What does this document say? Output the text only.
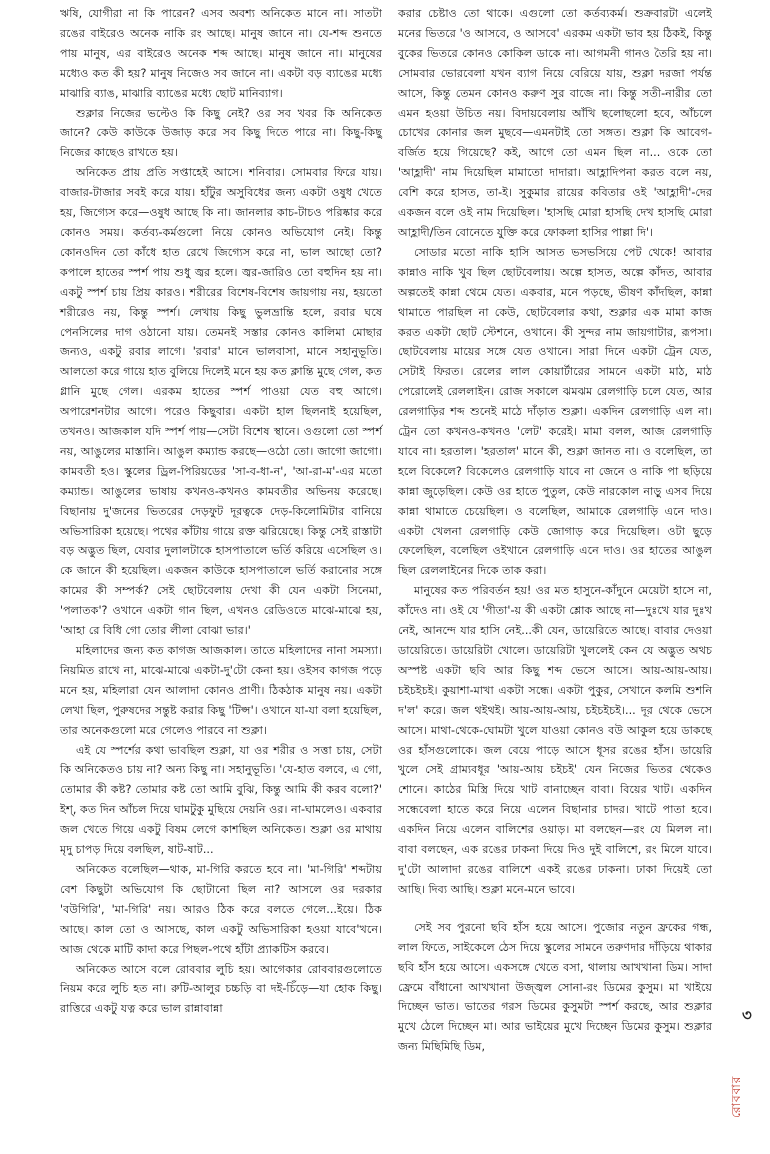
ঋষি, যোগীরা না কি পারেন? এসব অবশ্য অনিকেত মানে না। সাতটা রঙের বাইরেও অনেক নাকি রং আছে। মানুষ জানে না। যে-শব্দ শুনতে পায় মানুষ, এর বাইরেও অনেক শব্দ আছে। মানুষ জানে না। মানুষের মধ্যেও কত কী হয়? মানুষ নিজেও সব জানে না। একটা বড় ব্যাঙের মধ্যে মাঝারি ব্যাঙ, মাঝারি ব্যাঙের মধ্যে ছোট মানিব্যাগ।

শুক্লার নিজের ভল্টেও কি কিছু নেই? ওর সব খবর কি অনিকেত জানে? কেউ কাউকে উজাড় করে সব কিছু দিতে পারে না। কিছু-কিছু নিজের কাছেও রাখতে হয়।

অনিকেত প্রায় প্রতি সপ্তাহেই আসে। শনিবার। সোমবার ফিরে যায়। বাজার-টাজার সবই করে যায়। হাঁটুর অসুবিধের জন্য একটা ওষুধ খেতে হয়, জিগ্যেস করে—ওষুধ আছে কি না। জানলার কাচ-টাচও পরিষ্কার করে কোনও সময়। কর্তব্য-কর্মগুলো নিয়ে কোনও অভিযোগ নেই। কিন্তু কোনওদিন তো কাঁধে হাত রেখে জিগ্যেস করে না, ভাল আছো তো? কপালে হাতের স্পর্শ পায় শুধু জ্বর হলে। জ্বর-জারিও তো বহুদিন হয় না। একটু স্পর্শ চায় প্রিয় কারও। শরীরের বিশেষ-বিশেষ জায়গায় নয়, হয়তো শরীরেও নয়, কিন্তু স্পর্শ। লেখায় কিছু ভুলভ্রান্তি হলে, রবার ঘষে পেনসিলের দাগ ওঠানো যায়। তেমনই সস্তার কোনও কালিমা মোছার জন্যও, একটু রবার লাগে। 'রবার' মানে ভালবাসা, মানে সহানুভূতি। আলতো করে গায়ে হাত বুলিয়ে দিলেই মনে হয় কত ক্লান্তি মুছে গেল, কত গ্লানি মুছে গেল। এরকম হাতের স্পর্শ পাওয়া যেত বহু আগে। অপারেশনটার আগে। পরেও কিছুবার। একটা হাল ছিলনাই হয়েছিল, তখনও। আজকাল যদি স্পর্শ পায়—সেটা বিশেষ স্থানে। ওগুলো তো স্পর্শ নয়, আঙুলের মাস্তানি। আঙুল কম্যান্ড করছে—ওঠো তো। জাগো জাগো। কামবতী হও। স্কুলের ড্রিল-পিরিয়ডের 'সা-ব-ধা-ন', 'আ-রা-ম'-এর মতো কম্যান্ড। আঙুলের ভাষায় কখনও-কখনও কামবতীর অভিনয় করেছে। বিছানায় দু'জনের ভিতরের দেড়ফুট দূরত্বকে দেড়-কিলোমিটার বানিয়ে অভিসারিকা হয়েছে। পথের কাঁটায় গায়ে রক্ত ঝরিয়েছে। কিন্তু সেই রাস্তাটা বড় অদ্ভুত ছিল, যেবার দুলালটাকে হাসপাতালে ভর্তি করিয়ে এসেছিল ও। কে জানে কী হয়েছিল। একজন কাউকে হাসপাতালে ভর্তি করানোর সঙ্গে কামের কী সম্পর্ক? সেই ছোটবেলায় দেখা কী যেন একটা সিনেমা, 'পলাতক'? ওখানে একটা গান ছিল, এখনও রেডিওতে মাঝে-মাঝে হয়, 'আহা রে বিধি গো তোর লীলা বোঝা ভার।'

মহিলাদের জন্য কত কাগজ আজকাল। তাতে মহিলাদের নানা সমস্যা। নিয়মিত রাখে না, মাঝে-মাঝে একটা-দু'টো কেনা হয়। ওইসব কাগজ পড়ে মনে হয়, মহিলারা যেন আলাদা কোনও প্রাণী। ঠিকঠাক মানুষ নয়। একটা লেখা ছিল, পুরুষদের সন্তুষ্ট করার কিছু 'টিপ্স'। ওখানে যা-যা বলা হয়েছিল, তার অনেকগুলো মরে গেলেও পারবে না শুক্লা।

এই যে স্পর্শের কথা ভাবছিল শুক্লা, যা ওর শরীর ও সত্তা চায়, সেটা কি অনিকেতও চায় না? অন্য কিছু না। সহানুভূতি। 'যে-হাত বলবে, এ গো, তোমার কী কষ্ট? তোমার কষ্ট তো আমি বুঝি, কিন্তু আমি কী করব বলো?' ইশ্, কত দিন আঁচল দিয়ে ঘামটুকু মুছিয়ে দেয়নি ওর। না-ঘামলেও। একবার জল খেতে গিয়ে একটু বিষম লেগে কাশছিল অনিকেত। শুক্লা ওর মাথায় মৃদু চাপড় দিয়ে বলছিল, ষাট-ষাট...

অনিকেত বলেছিল—থাক, মা-গিরি করতে হবে না। 'মা-গিরি' শব্দটায় বেশ কিছুটা অভিযোগ কি ছোটানো ছিল না? আসলে ওর দরকার 'বউগিরি', 'মা-গিরি' নয়। আরও ঠিক করে বলতে গেলে...ইয়ে। ঠিক আছে। কাল তো ও আসছে, কাল একটু অভিসারিকা হওয়া যাবে'খনে। আজ থেকে মাটি কাদা করে পিছল-পথে হাঁটা প্র্যাকটিস করবে।

অনিকেত আসে বলে রোববার লুচি হয়। আগেকার রোববারগুলোতে নিয়ম করে লুচি হত না। রুটি-আলুর চচ্চড়ি বা দই-চিঁড়ে—যা হোক কিছু। রাত্তিরে একটু যত্ন করে ভাল রান্নাবান্না

করার চেষ্টাও তো থাকে। এগুলো তো কর্তব্যকর্ম। শুক্রবারটা এলেই মনের ভিতরে 'ও আসবে, ও আসবে' এরকম একটা ভাব হয় ঠিকই, কিন্তু বুকের ভিতরে কোনও কোকিল ডাকে না। আগমনী গানও তৈরি হয় না। সোমবার ভোরবেলা যখন ব্যাগ নিয়ে বেরিয়ে যায়, শুক্লা দরজা পর্যন্ত আসে, কিন্তু তেমন কোনও করুণ সুর বাজে না। কিন্তু সতী-নারীর তো এমন হওয়া উচিত নয়। বিদায়বেলায় আঁখি ছলোছলো হবে, আঁচলে চোখের কোনার জল মুছবে—এমনটাই তো সঙ্গত। শুক্লা কি আবেগ-বর্জিত হয়ে গিয়েছে? কই, আগে তো এমন ছিল না... ওকে তো 'আহ্লাদী' নাম দিয়েছিল মামাতো দাদারা। আহ্লাদিপনা করত বলে নয়, বেশি করে হাসত, তা-ই। সুকুমার রায়ের কবিতার ওই 'আহ্লাদী'-দের একজন বলে ওই নাম দিয়েছিল। 'হাসছি মোরা হাসছি দেখ হাসছি মোরা আহ্লাদী/তিন বোনেতে যুক্তি করে ফোকলা হাসির পাল্লা দি'।

সোডার মতো নাকি হাসি আসত ভসভসিয়ে পেট থেকে! আবার কান্নাও নাকি খুব ছিল ছোটবেলায়। অল্পে হাসত, অল্পে কাঁদত, আবার অল্পতেই কান্না থেমে যেত। একবার, মনে পড়ছে, ভীষণ কাঁদছিল, কান্না থামাতে পারছিল না কেউ, ছোটবেলার কথা, শুক্লার এক মামা কাজ করত একটা ছোট স্টেশনে, ওখানে। কী সুন্দর নাম জায়গাটার, রূপসা। ছোটবেলায় মায়ের সঙ্গে যেত ওখানে। সারা দিনে একটা ট্রেন যেত, সেটাই ফিরত। রেলের লাল কোয়ার্টারের সামনে একটা মাঠ, মাঠ পেরোলেই রেললাইন। রোজ সকালে ঝমঝম রেলগাড়ি চলে যেত, আর রেলগাড়ির শব্দ শুনেই মাঠে দাঁড়াত শুক্লা। একদিন রেলগাড়ি এল না। ট্রেন তো কখনও-কখনও 'লেট' করেই। মামা বলল, আজ রেলগাড়ি যাবে না। হরতাল। 'হরতাল' মানে কী, শুক্লা জানত না। ও বলেছিল, তা হলে বিকেলে? বিকেলেও রেলগাড়ি যাবে না জেনে ও নাকি পা ছড়িয়ে কান্না জুড়েছিল। কেউ ওর হাতে পুতুল, কেউ নারকোল নাড়ু এসব দিয়ে কান্না থামাতে চেয়েছিল। ও বলেছিল, আমাকে রেলগাড়ি এনে দাও। একটা খেলনা রেলগাড়ি কেউ জোগাড় করে দিয়েছিল। ওটা ছুড়ে ফেলেছিল, বলেছিল ওইখানে রেলগাড়ি এনে দাও। ওর হাতের আঙুল ছিল রেললাইনের দিকে তাক করা।

মানুষের কত পরিবর্তন হয়! ওর মত হাসুনে-কাঁদুনে মেয়েটা হাসে না, কাঁদেও না। ওই যে 'গীতা'-য় কী একটা শ্লোক আছে না—দুঃখে যার দুঃখ নেই, আনন্দে যার হাসি নেই...কী যেন, ডায়েরিতে আছে। বাবার দেওয়া ডায়েরিতে। ডায়েরিটা খোলে। ডায়েরিটা খুললেই কেন যে অদ্ভুত অথচ অস্পষ্ট একটা ছবি আর কিছু শব্দ ভেসে আসে। আয়-আয়-আয়। চইচইচই। কুয়াশা-মাখা একটা সন্ধে। একটা পুকুর, সেখানে কলমি শুশনি দ'ল' করে। জল থইথই। আয়-আয়-আয়, চইচইচই।... দূর থেকে ভেসে আসে। মাথা-থেকে-ঘোমটা খুলে যাওয়া কোনও বউ আকুল হয়ে ডাকছে ওর হাঁসগুলোকে। জল বেয়ে পাড়ে আসে ধূসর রঙের হাঁস। ডায়েরি খুলে সেই গ্রাম্যবধূর 'আয়-আয় চইচই' যেন নিজের ভিতর থেকেও শোনে। কাঠের মিস্ত্রি দিয়ে খাট বানাচ্ছেন বাবা। বিয়ের খাট। একদিন সন্ধেবেলা হাতে করে নিয়ে এলেন বিছানার চাদর। খাটে পাতা হবে। একদিন নিয়ে এলেন বালিশের ওয়াড়। মা বলছেন—রং যে মিলল না। বাবা বলছেন, এক রঙের ঢাকনা দিয়ে দিও দুই বালিশে, রং মিলে যাবে। দু'টো আলাদা রঙের বালিশে একই রঙের ঢাকনা। ঢাকা দিয়েই তো আছি। দিব্য আছি। শুক্লা মনে-মনে ভাবে।

সেই সব পুরনো ছবি হাঁস হয়ে আসে। পুজোর নতুন ফ্রকের গন্ধ, লাল ফিতে, সাইকেলে ঠেস দিয়ে স্কুলের সামনে তরুণদার দাঁড়িয়ে থাকার ছবি হাঁস হয়ে আসে। একসঙ্গে খেতে বসা, থালায় আখখানা ডিম। সাদা ফ্রেমে বাঁধানো আখখানা উজ্জ্বল সোনা-রং ডিমের কুসুম। মা খাইয়ে দিচ্ছেন ভাত। ভাতের গরস ডিমের কুসুমটা স্পর্শ করছে, আর শুক্লার মুখে ঠেলে দিচ্ছেন মা। আর ভাইয়ের মুখে দিচ্ছেন ডিমের কুসুম। শুক্লার জন্য মিছিমিছি ডিম,

৩
রোববার
